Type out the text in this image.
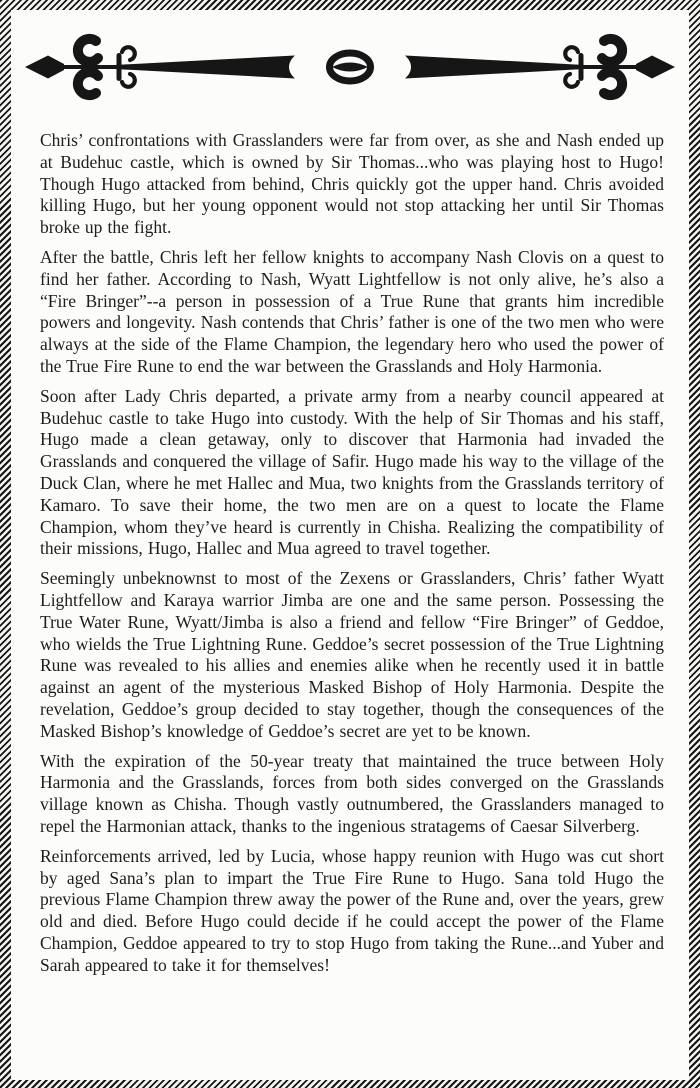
Chris’ confrontations with Grasslanders were far from over, as she and Nash ended up at Budehuc castle, which is owned by Sir Thomas...who was playing host to Hugo! Though Hugo attacked from behind, Chris quickly got the upper hand. Chris avoided killing Hugo, but her young opponent would not stop attacking her until Sir Thomas broke up the fight.

After the battle, Chris left her fellow knights to accompany Nash Clovis on a quest to find her father. According to Nash, Wyatt Lightfellow is not only alive, he’s also a “Fire Bringer”--a person in possession of a True Rune that grants him incredible powers and longevity. Nash contends that Chris’ father is one of the two men who were always at the side of the Flame Champion, the legendary hero who used the power of the True Fire Rune to end the war between the Grasslands and Holy Harmonia.

Soon after Lady Chris departed, a private army from a nearby council appeared at Budehuc castle to take Hugo into custody. With the help of Sir Thomas and his staff, Hugo made a clean getaway, only to discover that Harmonia had invaded the Grasslands and conquered the village of Safir. Hugo made his way to the village of the Duck Clan, where he met Hallec and Mua, two knights from the Grasslands territory of Kamaro. To save their home, the two men are on a quest to locate the Flame Champion, whom they’ve heard is currently in Chisha. Realizing the compatibility of their missions, Hugo, Hallec and Mua agreed to travel together.

Seemingly unbeknownst to most of the Zexens or Grasslanders, Chris’ father Wyatt Lightfellow and Karaya warrior Jimba are one and the same person. Possessing the True Water Rune, Wyatt/Jimba is also a friend and fellow “Fire Bringer” of Geddoe, who wields the True Lightning Rune. Geddoe’s secret possession of the True Lightning Rune was revealed to his allies and enemies alike when he recently used it in battle against an agent of the mysterious Masked Bishop of Holy Harmonia. Despite the revelation, Geddoe’s group decided to stay together, though the consequences of the Masked Bishop’s knowledge of Geddoe’s secret are yet to be known.

With the expiration of the 50-year treaty that maintained the truce between Holy Harmonia and the Grasslands, forces from both sides converged on the Grasslands village known as Chisha. Though vastly outnumbered, the Grasslanders managed to repel the Harmonian attack, thanks to the ingenious stratagems of Caesar Silverberg.

Reinforcements arrived, led by Lucia, whose happy reunion with Hugo was cut short by aged Sana’s plan to impart the True Fire Rune to Hugo. Sana told Hugo the previous Flame Champion threw away the power of the Rune and, over the years, grew old and died. Before Hugo could decide if he could accept the power of the Flame Champion, Geddoe appeared to try to stop Hugo from taking the Rune...and Yuber and Sarah appeared to take it for themselves!
